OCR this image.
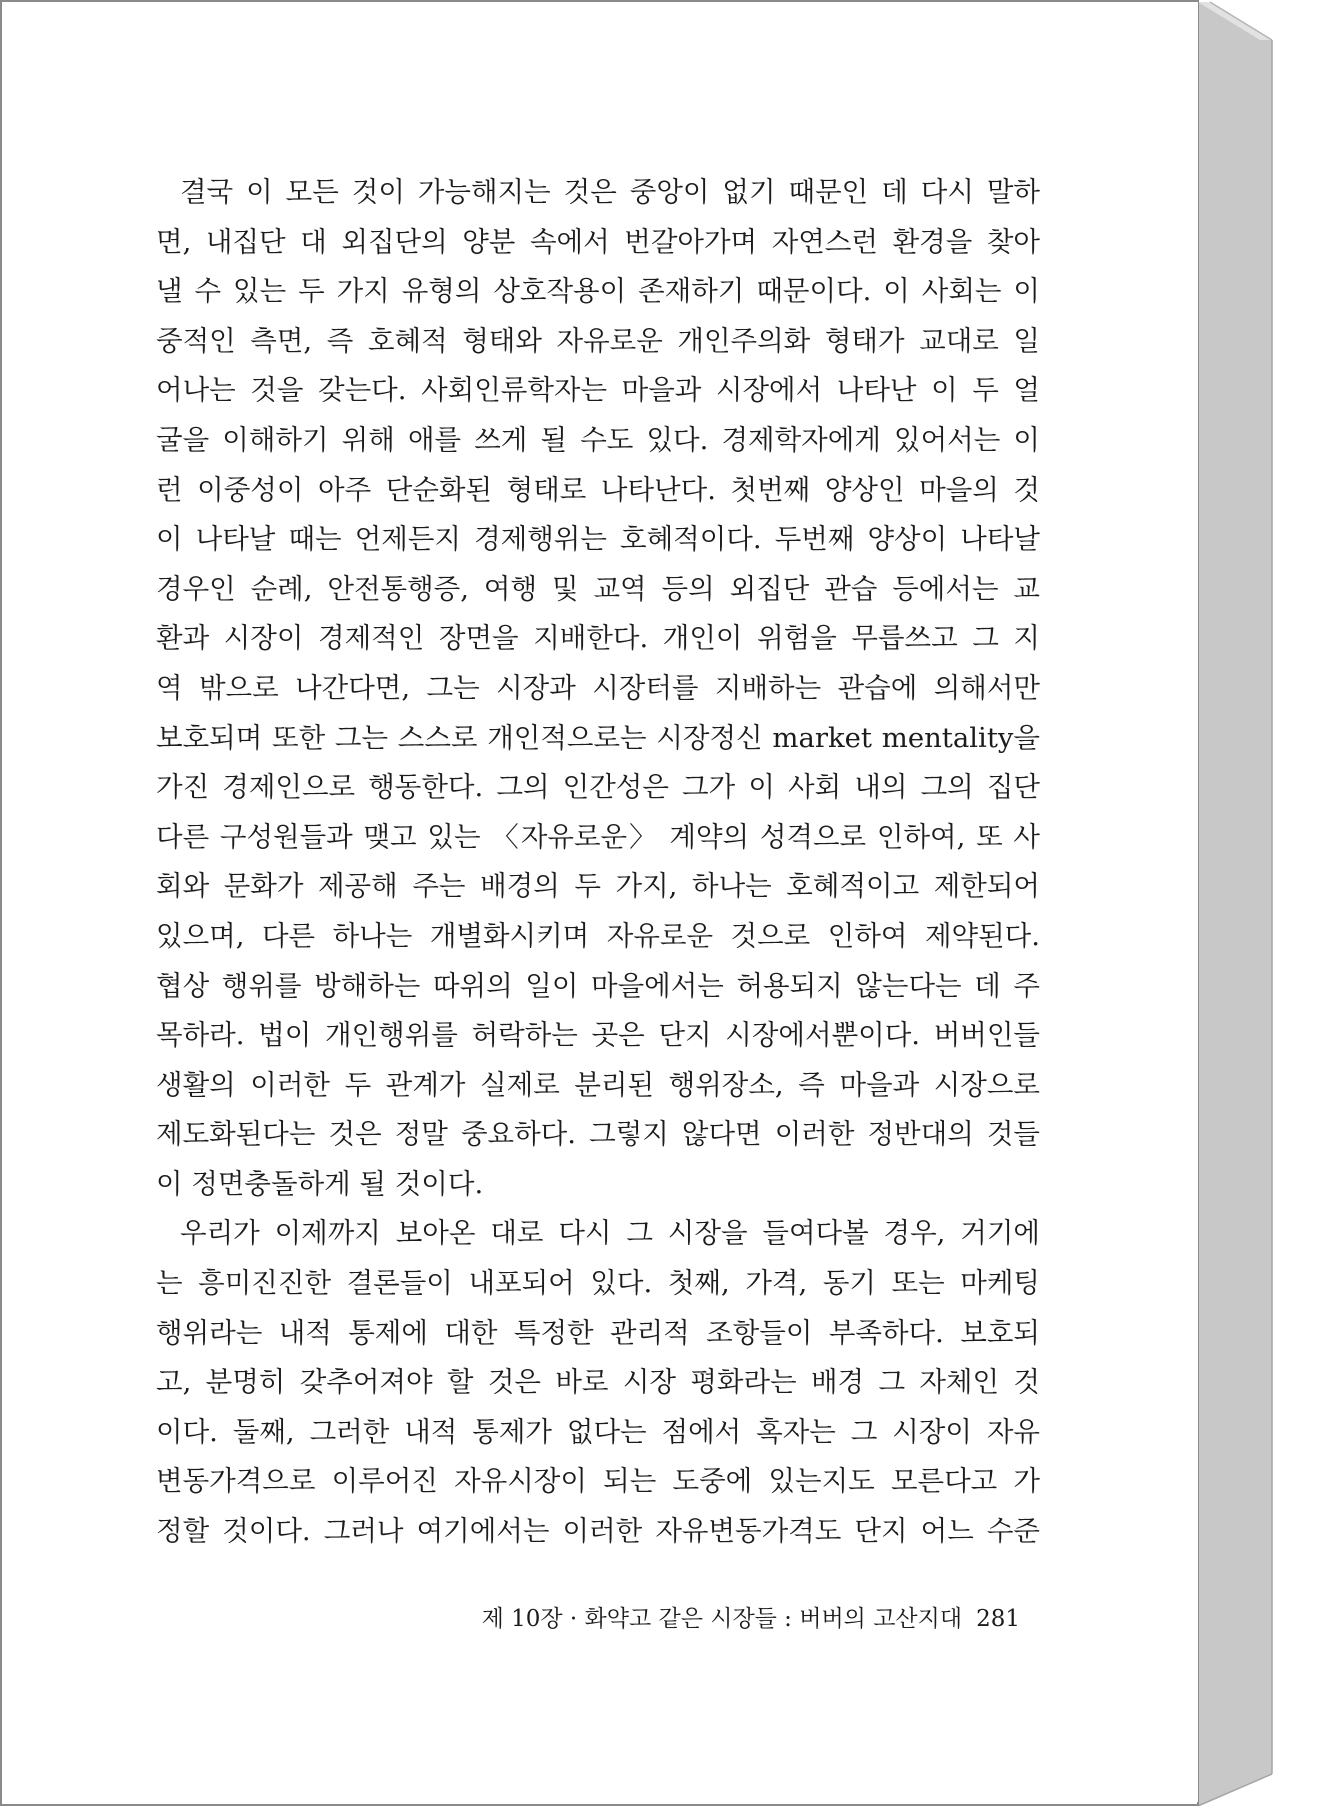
결국 이 모든 것이 가능해지는 것은 중앙이 없기 때문인 데 다시 말하
면, 내집단 대 외집단의 양분 속에서 번갈아가며 자연스런 환경을 찾아
낼 수 있는 두 가지 유형의 상호작용이 존재하기 때문이다. 이 사회는 이
중적인 측면, 즉 호혜적 형태와 자유로운 개인주의화 형태가 교대로 일
어나는 것을 갖는다. 사회인류학자는 마을과 시장에서 나타난 이 두 얼
굴을 이해하기 위해 애를 쓰게 될 수도 있다. 경제학자에게 있어서는 이
런 이중성이 아주 단순화된 형태로 나타난다. 첫번째 양상인 마을의 것
이 나타날 때는 언제든지 경제행위는 호혜적이다. 두번째 양상이 나타날
경우인 순례, 안전통행증, 여행 및 교역 등의 외집단 관습 등에서는 교
환과 시장이 경제적인 장면을 지배한다. 개인이 위험을 무릅쓰고 그 지
역 밖으로 나간다면, 그는 시장과 시장터를 지배하는 관습에 의해서만
보호되며 또한 그는 스스로 개인적으로는 시장정신 market mentality을
가진 경제인으로 행동한다. 그의 인간성은 그가 이 사회 내의 그의 집단
다른 구성원들과 맺고 있는 〈자유로운〉 계약의 성격으로 인하여, 또 사
회와 문화가 제공해 주는 배경의 두 가지, 하나는 호혜적이고 제한되어
있으며, 다른 하나는 개별화시키며 자유로운 것으로 인하여 제약된다.
협상 행위를 방해하는 따위의 일이 마을에서는 허용되지 않는다는 데 주
목하라. 법이 개인행위를 허락하는 곳은 단지 시장에서뿐이다. 버버인들
생활의 이러한 두 관계가 실제로 분리된 행위장소, 즉 마을과 시장으로
제도화된다는 것은 정말 중요하다. 그렇지 않다면 이러한 정반대의 것들
이 정면충돌하게 될 것이다.
우리가 이제까지 보아온 대로 다시 그 시장을 들여다볼 경우, 거기에
는 흥미진진한 결론들이 내포되어 있다. 첫째, 가격, 동기 또는 마케팅
행위라는 내적 통제에 대한 특정한 관리적 조항들이 부족하다. 보호되
고, 분명히 갖추어져야 할 것은 바로 시장 평화라는 배경 그 자체인 것
이다. 둘째, 그러한 내적 통제가 없다는 점에서 혹자는 그 시장이 자유
변동가격으로 이루어진 자유시장이 되는 도중에 있는지도 모른다고 가
정할 것이다. 그러나 여기에서는 이러한 자유변동가격도 단지 어느 수준
제 10장 · 화약고 같은 시장들 : 버버의 고산지대 281
